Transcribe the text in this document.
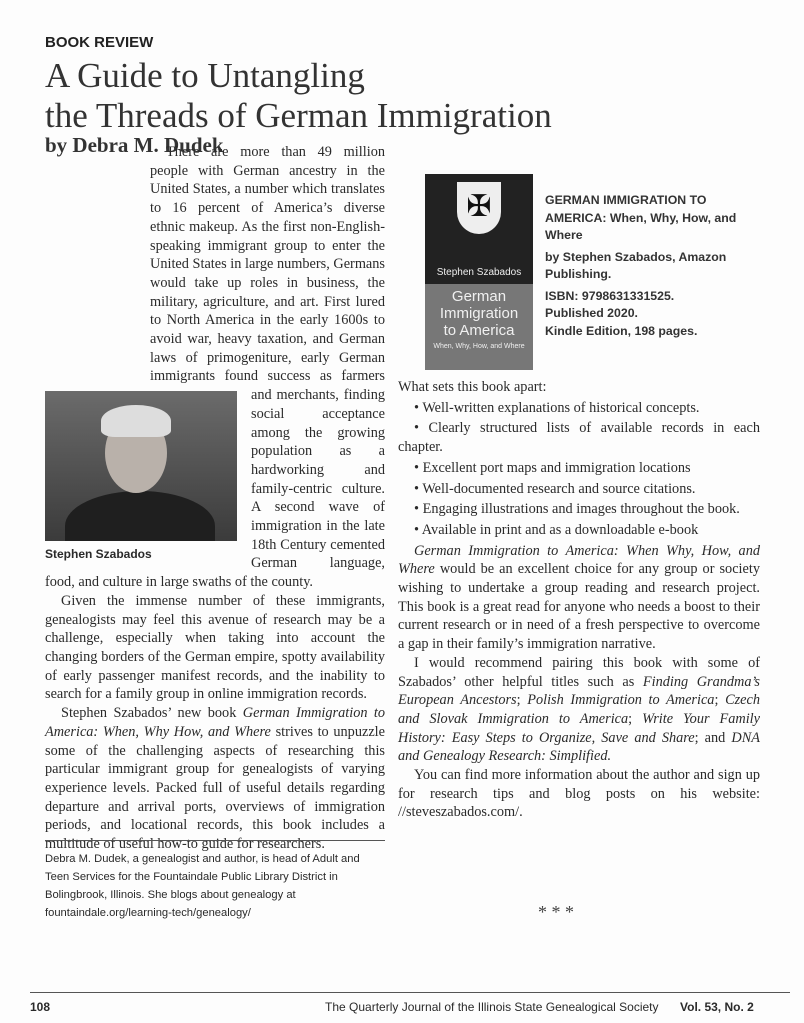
BOOK REVIEW
A Guide to Untangling
the Threads of German Immigration
by Debra M. Dudek
Stephen Szabados

There are more than 49 million people with German ancestry in the United States, a number which translates to 16 percent of America’s diverse ethnic makeup. As the first non-English-speaking immigrant group to enter the United States in large numbers, Germans would take up roles in business, the military, agriculture, and art. First lured to North America in the early 1600s to avoid war, heavy taxation, and German laws of primogeniture, early German immigrants found success as farmers and merchants, finding social acceptance among the growing population as a hardworking and family-centric culture. A second wave of immigration in the late 18th Century cemented German language, food, and culture in large swaths of the county.

Given the immense number of these immigrants, genealogists may feel this avenue of research may be a challenge, especially when taking into account the changing borders of the German empire, spotty availability of early passenger manifest records, and the inability to search for a family group in online immigration records.

Stephen Szabados’ new book German Immigration to America: When, Why How, and Where strives to unpuzzle some of the challenging aspects of researching this particular immigrant group for genealogists of varying experience levels. Packed full of useful details regarding departure and arrival ports, overviews of immigration periods, and locational records, this book includes a multitude of useful how-to guide for researchers.

Debra M. Dudek, a genealogist and author, is head of Adult and Teen Services for the Fountaindale Public Library District in Bolingbrook, Illinois. She blogs about genealogy at fountaindale.org/learning-tech/genealogy/
✠
Stephen Szabados
German
Immigration
to America
When, Why, How, and Where
GERMAN IMMIGRATION TO AMERICA: When, Why, How, and Where
by Stephen Szabados, Amazon Publishing.
ISBN: 9798631331525.
Published 2020.
Kindle Edition, 198 pages.

What sets this book apart:

• Well-written explanations of historical concepts.
• Clearly structured lists of available records in each chapter.
• Excellent port maps and immigration locations
• Well-documented research and source citations.
• Engaging illustrations and images throughout the book.
• Available in print and as a downloadable e-book

German Immigration to America: When Why, How, and Where would be an excellent choice for any group or society wishing to undertake a group reading and research project. This book is a great read for anyone who needs a boost to their current research or in need of a fresh perspective to overcome a gap in their family’s immigration narrative.

I would recommend pairing this book with some of Szabados’ other helpful titles such as Finding Grandma’s European Ancestors; Polish Immigration to America; Czech and Slovak Immigration to America; Write Your Family History: Easy Steps to Organize, Save and Share; and DNA and Genealogy Research: Simplified.

You can find more information about the author and sign up for research tips and blog posts on his website: //steveszabados.com/.

* * *
108	The Quarterly Journal of the Illinois State Genealogical Society Vol. 53, No. 2
